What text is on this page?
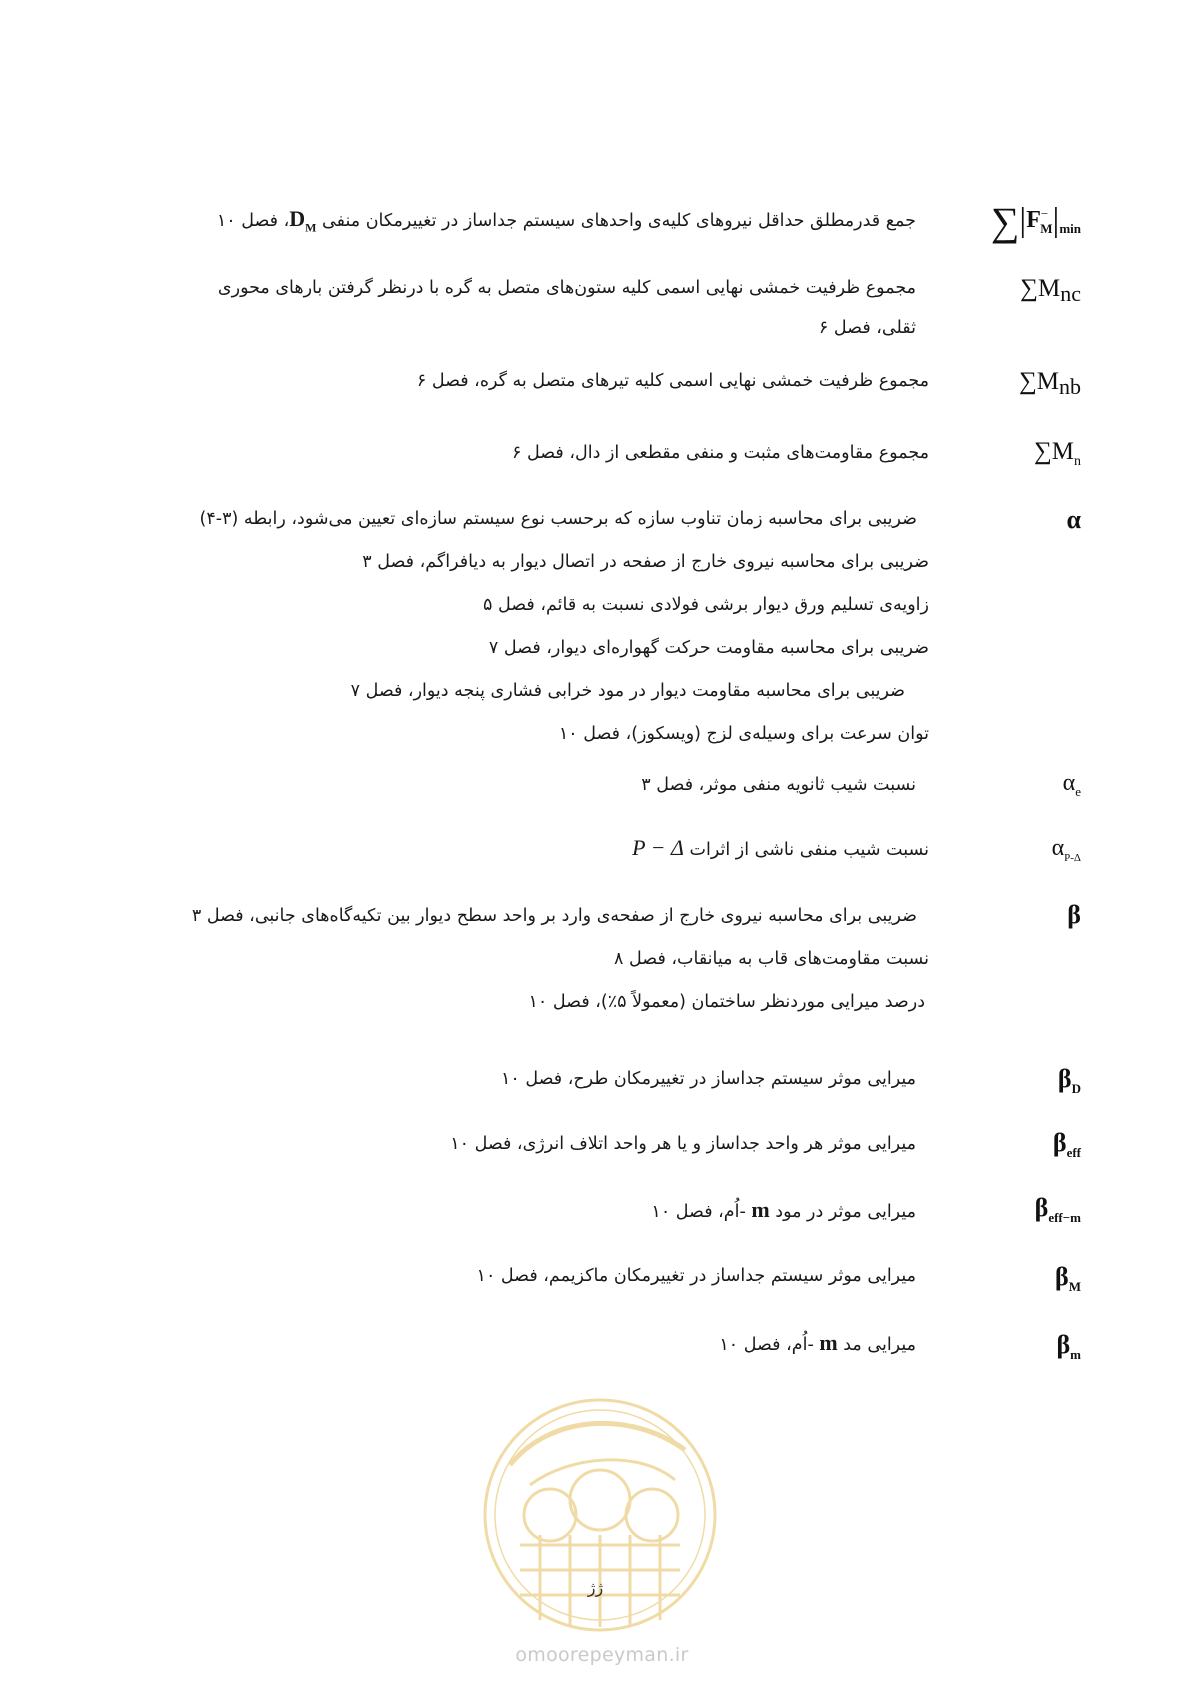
$\sum|F^-_M|_{min}$
جمع قدرمطلق حداقل نیروهای کلیه‌ی واحدهای سیستم جداساز در تغییرمکان منفی $D_M،$ فصل ۱۰
$\sum M_{nc}$
مجموع ظرفیت خمشی نهایی اسمی کلیه ستون‌های متصل به گره با درنظر گرفتن بارهای محوری ثقلی، فصل ۶
$\sum M_{nb}$
مجموع ظرفیت خمشی نهایی اسمی کلیه تیرهای متصل به گره، فصل ۶
$\sum M_n$
مجموع مقاومت‌های مثبت و منفی مقطعی از دال، فصل ۶
α
ضریبی برای محاسبه زمان تناوب سازه که برحسب نوع سیستم سازه‌ای تعیین می‌شود، رابطه (۳-۴)
ضریبی برای محاسبه نیروی خارج از صفحه در اتصال دیوار به دیافراگم، فصل ۳
زاویه‌ی تسلیم ورق دیوار برشی فولادی نسبت به قائم، فصل ۵
ضریبی برای محاسبه مقاومت حرکت گهواره‌ای دیوار، فصل ۷
ضریبی برای محاسبه مقاومت دیوار در مود خرابی فشاری پنجه دیوار، فصل ۷
توان سرعت برای وسیله‌ی لزج (ویسکوز)، فصل ۱۰
$\alpha_e$
نسبت شیب ثانویه منفی موثر، فصل ۳
$\alpha_{P-\Delta}$
نسبت شیب منفی ناشی از اثرات P − Δ
β
ضریبی برای محاسبه نیروی خارج از صفحه‌ی وارد بر واحد سطح دیوار بین تکیه‌گاه‌های جانبی، فصل ۳
نسبت مقاومت‌های قاب به میانقاب، فصل ۸
درصد میرایی موردنظر ساختمان (معمولاً ۵٪)، فصل ۱۰
$\beta_D$
میرایی موثر سیستم جداساز در تغییرمکان طرح، فصل ۱۰
$\beta_{eff}$
میرایی موثر هر واحد جداساز و یا هر واحد اتلاف انرژی، فصل ۱۰
$\beta_{eff-m}$
میرایی موثر در مود m -اُم، فصل ۱۰
$\beta_M$
میرایی موثر سیستم جداساز در تغییرمکان ماکزیمم، فصل ۱۰
$\beta_m$
میرایی مد m -اُم، فصل ۱۰
ژژ
omoorepeyman.ir
